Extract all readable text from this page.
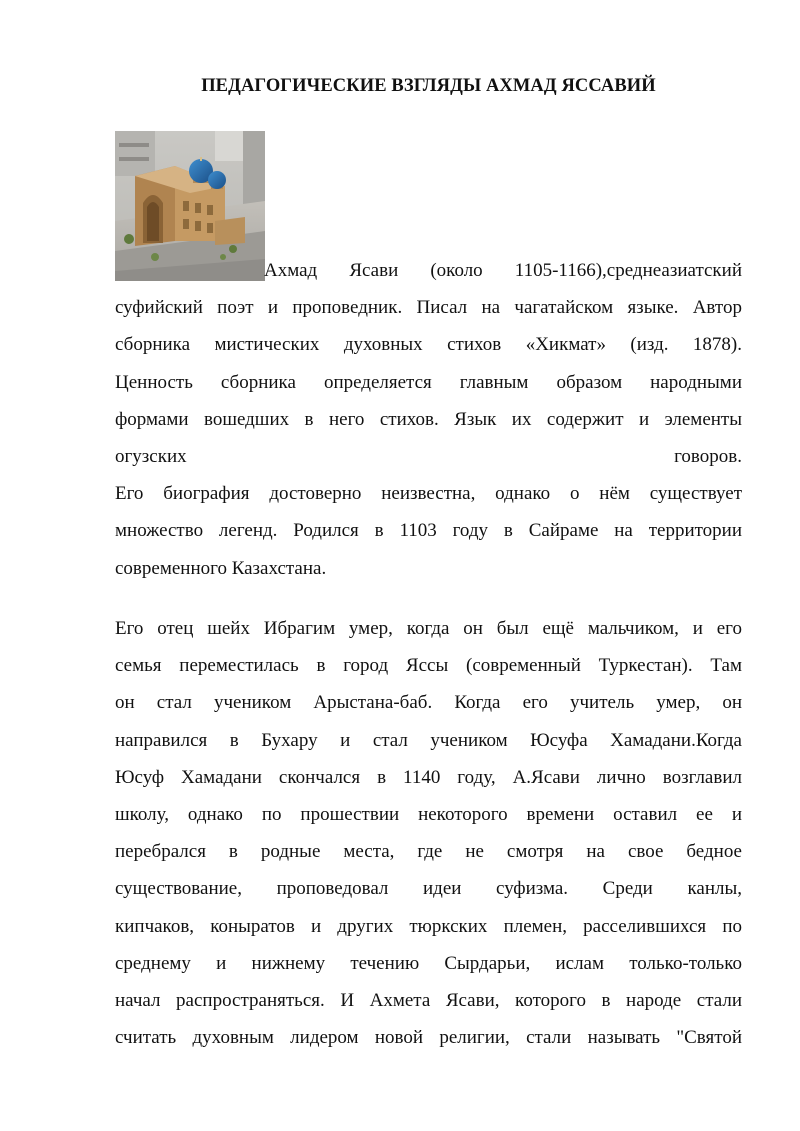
ПЕДАГОГИЧЕСКИЕ ВЗГЛЯДЫ АХМАД ЯССАВИЙ
Ахмад Ясави (около 1105-1166),среднеазиатский
суфийский поэт и проповедник. Писал на чагатайском языке. Автор
сборника мистических духовных стихов «Хикмат» (изд. 1878).
Ценность сборника определяется главным образом народными
формами вошедших в него стихов. Язык их содержит и элементы
огузских говоров.
Его биография достоверно неизвестна, однако о нём существует
множество легенд. Родился в 1103 году в Сайраме на территории
современного Казахстана.
Его отец шейх Ибрагим умер, когда он был ещё мальчиком, и его
семья переместилась в город Яссы (современный Туркестан). Там
он стал учеником Арыстана-баб. Когда его учитель умер, он
направился в Бухару и стал учеником Юсуфа Хамадани.Когда
Юсуф Хамадани скончался в 1140 году, А.Ясави лично возглавил
школу, однако по прошествии некоторого времени оставил ее и
перебрался в родные места, где не смотря на свое бедное
существование, проповедовал идеи суфизма. Среди канлы,
кипчаков, коныратов и других тюркских племен, расселившихся по
среднему и нижнему течению Сырдарьи, ислам только-только
начал распространяться. И Ахмета Ясави, которого в народе стали
считать духовным лидером новой религии, стали называть "Святой
